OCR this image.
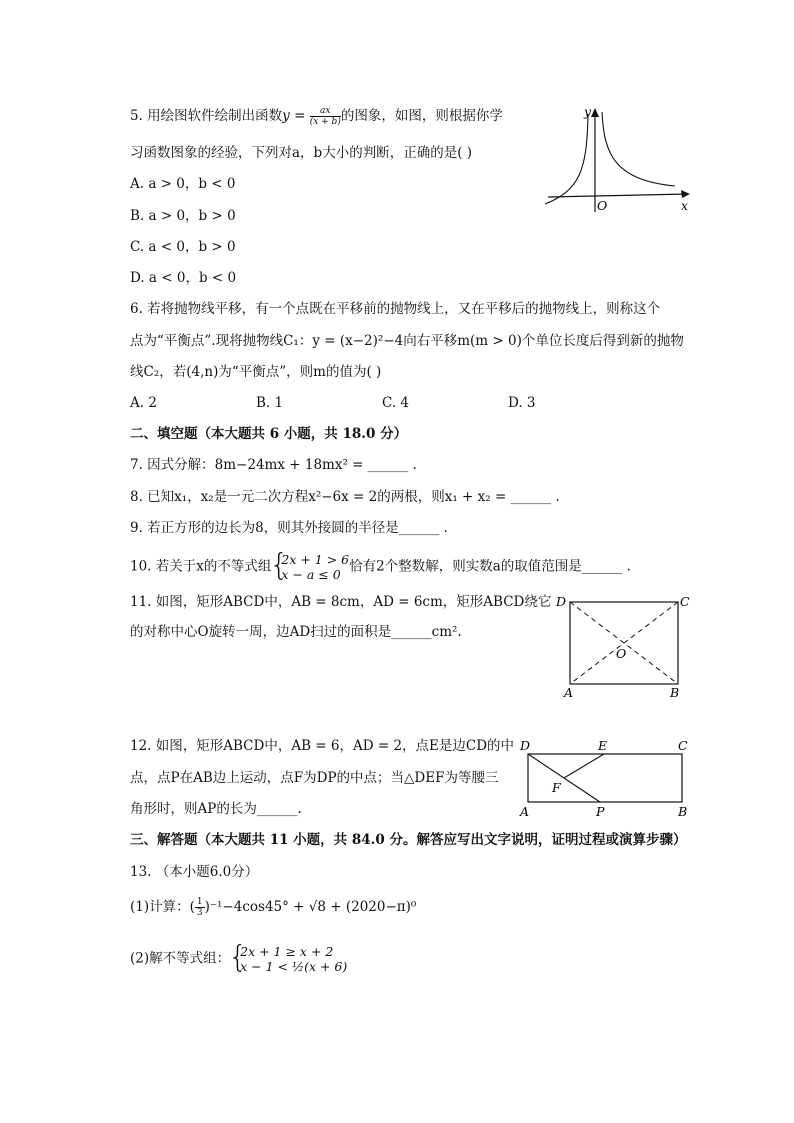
5. 用绘图软件绘制出函数$y = \frac{ax}{(x + b)}$ 的图象，如图，则根据你学
习函数图象的经验，下列对a，b大小的判断，正确的是( )
A. a > 0，b < 0
B. a > 0，b > 0
C. a < 0，b > 0
D. a < 0，b < 0
y
x
O
6. 若将抛物线平移，有一个点既在平移前的抛物线上，又在平移后的抛物线上，则称这个
点为“平衡点”.现将抛物线C₁：y = (x−2)²−4向右平移m(m > 0)个单位长度后得到新的抛物
线C₂，若(4,n)为“平衡点”，则m的值为( )
A. 2	B. 1	C. 4	D. 3
二、填空题（本大题共 6 小题，共 18.0 分）
7. 因式分解：8m−24mx + 18mx² = ______ .
8. 已知x₁，x₂是一元二次方程x²−6x = 2的两根，则x₁ + x₂ = ______ .
9. 若正方形的边长为8，则其外接圆的半径是______ .
10. 若关于x的不等式组 { 2x + 1 > 6
x − a ≤ 0 恰有2个整数解，则实数a的取值范围是______ .
11. 如图，矩形ABCD中，AB = 8cm，AD = 6cm，矩形ABCD绕它
的对称中心O旋转一周，边AD扫过的面积是______cm².
D	C
A	B
O
12. 如图，矩形ABCD中，AB = 6，AD = 2，点E是边CD的中
点，点P在AB边上运动，点F为DP的中点；当△DEF为等腰三
角形时，则AP的长为______.
D	E	C
F
A	P	B
三、解答题（本大题共 11 小题，共 84.0 分。解答应写出文字说明，证明过程或演算步骤）
13. （本小题6.0分）
(1)计算：( $\frac{1}{3} )^{-1}-4\cos 45^\circ + √8 + (2020-\pi)^0$
(2)解不等式组： { 2x + 1 ≥ x + 2
x − 1 < ½(x + 6)
